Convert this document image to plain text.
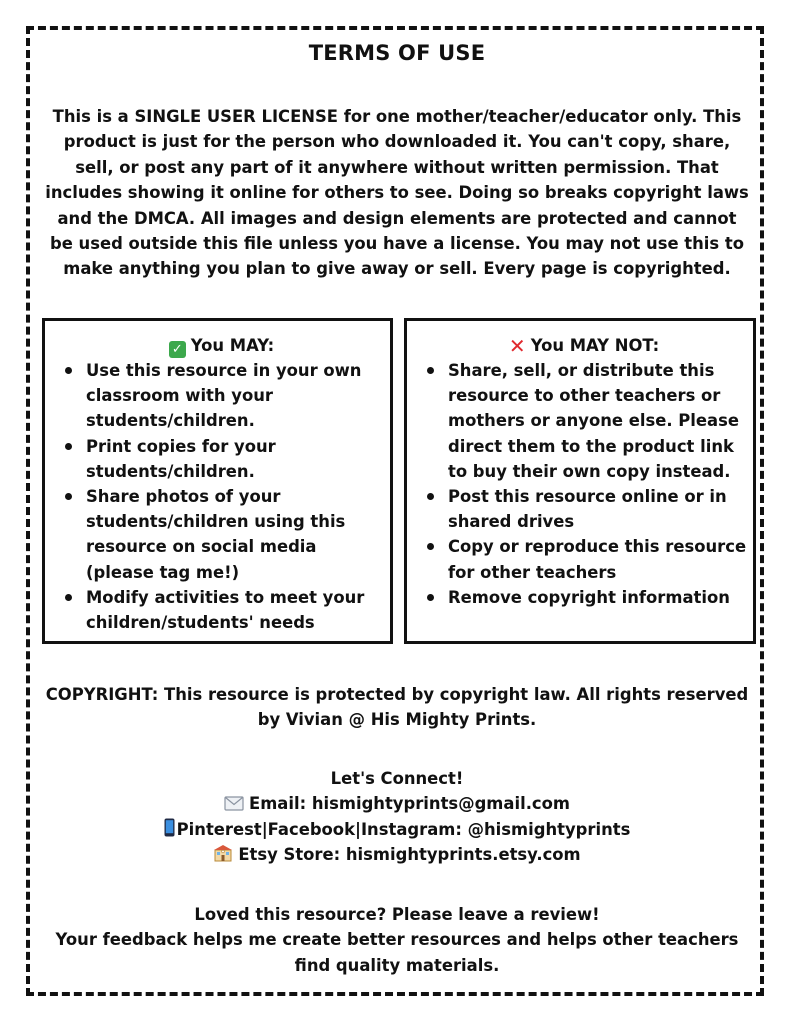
TERMS OF USE
This is a SINGLE USER LICENSE for one mother/teacher/educator only. This product is just for the person who downloaded it. You can't copy, share, sell, or post any part of it anywhere without written permission. That includes showing it online for others to see. Doing so breaks copyright laws and the DMCA. All images and design elements are protected and cannot be used outside this file unless you have a license. You may not use this to make anything you plan to give away or sell. Every page is copyrighted.
✓ You MAY:
Use this resource in your own classroom with your students/children.
Print copies for your students/children.
Share photos of your students/children using this resource on social media (please tag me!)
Modify activities to meet your children/students' needs
✕ You MAY NOT:
Share, sell, or distribute this resource to other teachers or mothers or anyone else. Please direct them to the product link to buy their own copy instead.
Post this resource online or in shared drives
Copy or reproduce this resource for other teachers
Remove copyright information
COPYRIGHT: This resource is protected by copyright law. All rights reserved by Vivian @ His Mighty Prints.
Let's Connect!
Email: hismightyprints@gmail.com
Pinterest|Facebook|Instagram: @hismightyprints
Etsy Store: hismightyprints.etsy.com
Loved this resource? Please leave a review!
Your feedback helps me create better resources and helps other teachers find quality materials.
